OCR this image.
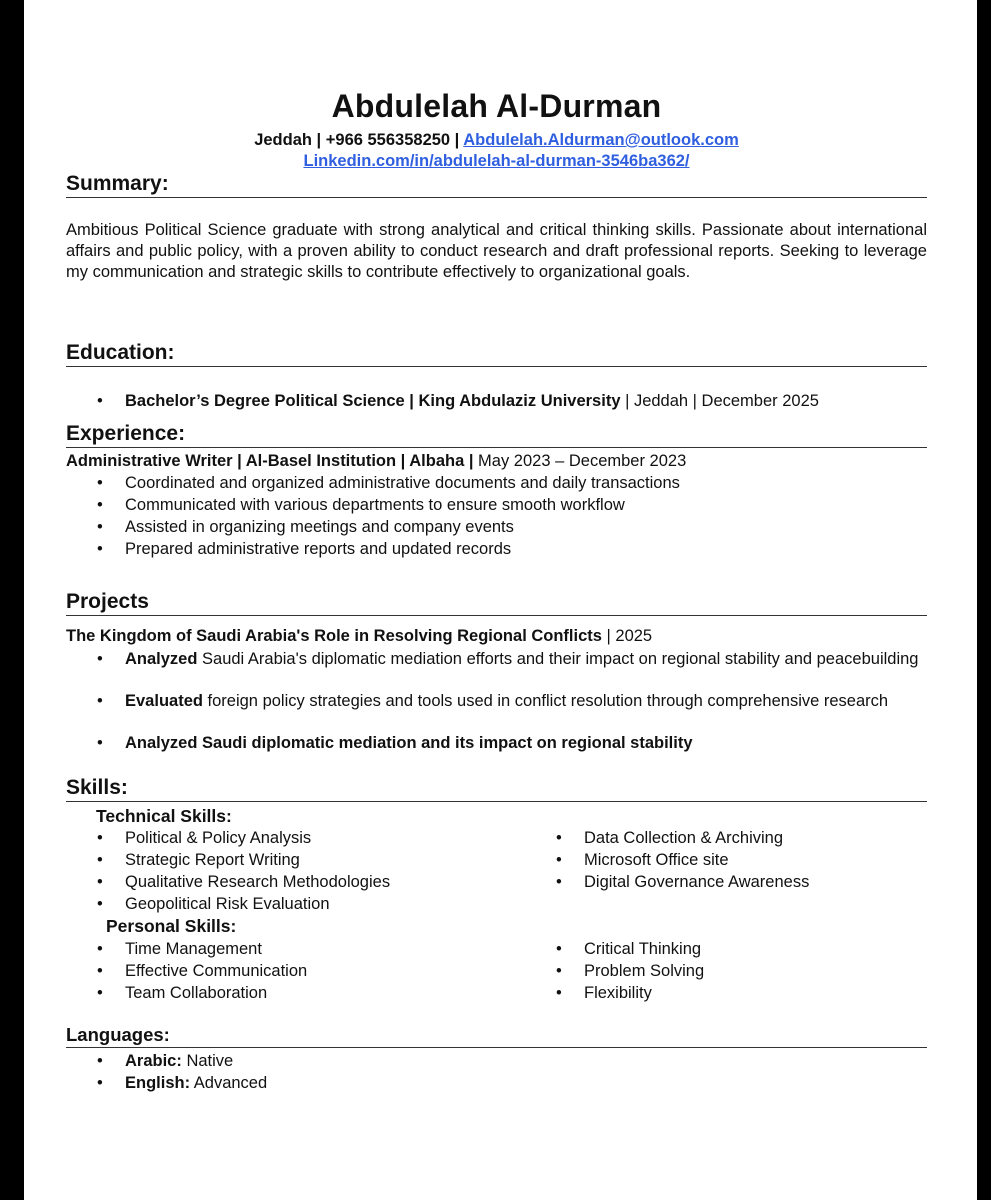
Abdulelah Al-Durman
Jeddah | +966 556358250 | Abdulelah.Aldurman@outlook.com
Linkedin.com/in/abdulelah-al-durman-3546ba362/
Summary:
Ambitious Political Science graduate with strong analytical and critical thinking skills. Passionate about international affairs and public policy, with a proven ability to conduct research and draft professional reports. Seeking to leverage my communication and strategic skills to contribute effectively to organizational goals.
Education:
• Bachelor’s Degree Political Science | King Abdulaziz University | Jeddah | December 2025
Experience:
Administrative Writer | Al-Basel Institution | Albaha | May 2023 – December 2023
• Coordinated and organized administrative documents and daily transactions
• Communicated with various departments to ensure smooth workflow
• Assisted in organizing meetings and company events
• Prepared administrative reports and updated records
Projects
The Kingdom of Saudi Arabia's Role in Resolving Regional Conflicts | 2025
• Analyzed Saudi Arabia's diplomatic mediation efforts and their impact on regional stability and peacebuilding
• Evaluated foreign policy strategies and tools used in conflict resolution through comprehensive research
• Analyzed Saudi diplomatic mediation and its impact on regional stability
Skills:
Technical Skills:
• Political & Policy Analysis
• Strategic Report Writing
• Qualitative Research Methodologies
• Geopolitical Risk Evaluation
• Data Collection & Archiving
• Microsoft Office site
• Digital Governance Awareness
Personal Skills:
• Time Management
• Effective Communication
• Team Collaboration
• Critical Thinking
• Problem Solving
• Flexibility
Languages:
• Arabic: Native
• English: Advanced
